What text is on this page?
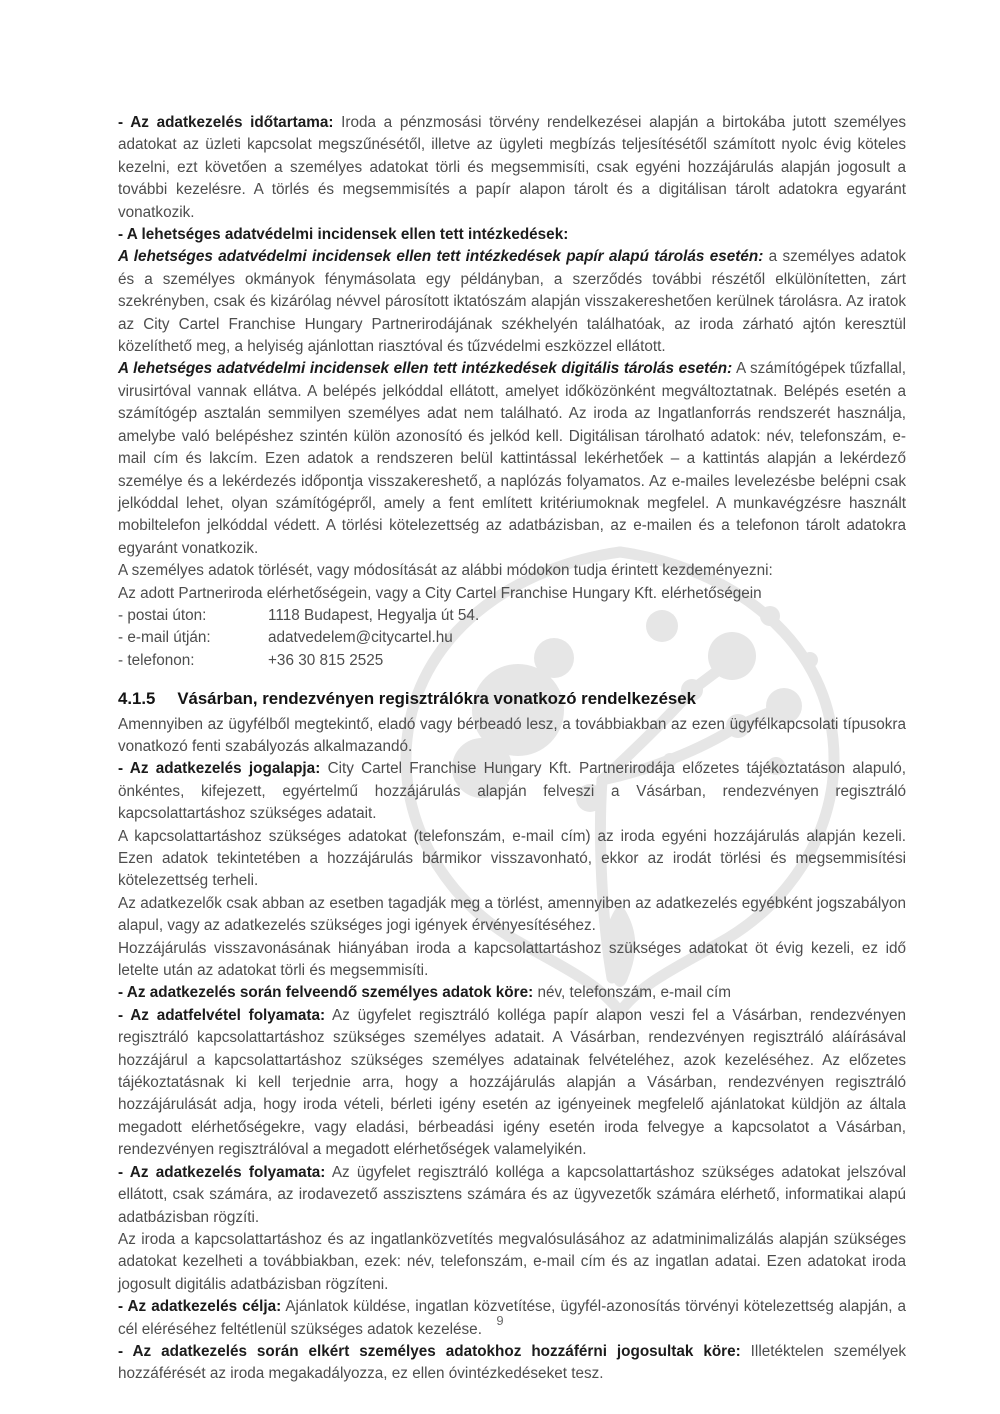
- Az adatkezelés időtartama: Iroda a pénzmosási törvény rendelkezései alapján a birtokába jutott személyes adatokat az üzleti kapcsolat megszűnésétől, illetve az ügyleti megbízás teljesítésétől számított nyolc évig köteles kezelni, ezt követően a személyes adatokat törli és megsemmisíti, csak egyéni hozzájárulás alapján jogosult a további kezelésre. A törlés és megsemmisítés a papír alapon tárolt és a digitálisan tárolt adatokra egyaránt vonatkozik.

- A lehetséges adatvédelmi incidensek ellen tett intézkedések:

A lehetséges adatvédelmi incidensek ellen tett intézkedések papír alapú tárolás esetén: a személyes adatok és a személyes okmányok fénymásolata egy példányban, a szerződés további részétől elkülönítetten, zárt szekrényben, csak és kizárólag névvel párosított iktatószám alapján visszakereshetően kerülnek tárolásra. Az iratok az City Cartel Franchise Hungary Partnerirodájának székhelyén találhatóak, az iroda zárható ajtón keresztül közelíthető meg, a helyiség ajánlottan riasztóval és tűzvédelmi eszközzel ellátott.

A lehetséges adatvédelmi incidensek ellen tett intézkedések digitális tárolás esetén: A számítógépek tűzfallal, virusirtóval vannak ellátva. A belépés jelkóddal ellátott, amelyet időközönként megváltoztatnak. Belépés esetén a számítógép asztalán semmilyen személyes adat nem található. Az iroda az Ingatlanforrás rendszerét használja, amelybe való belépéshez szintén külön azonosító és jelkód kell. Digitálisan tárolható adatok: név, telefonszám, e-mail cím és lakcím. Ezen adatok a rendszeren belül kattintással lekérhetőek – a kattintás alapján a lekérdező személye és a lekérdezés időpontja visszakereshető, a naplózás folyamatos. Az e-mailes levelezésbe belépni csak jelkóddal lehet, olyan számítógépről, amely a fent említett kritériumoknak megfelel. A munkavégzésre használt mobiltelefon jelkóddal védett. A törlési kötelezettség az adatbázisban, az e-mailen és a telefonon tárolt adatokra egyaránt vonatkozik.

A személyes adatok törlését, vagy módosítását az alábbi módokon tudja érintett kezdeményezni:

Az adott Partneriroda elérhetőségein, vagy a City Cartel Franchise Hungary Kft. elérhetőségein

- postai úton:	1118 Budapest, Hegyalja út 54.
- e-mail útján:	adatvedelem@citycartel.hu
- telefonon:	+36 30 815 2525
4.1.5 Vásárban, rendezvényen regisztrálókra vonatkozó rendelkezések

Amennyiben az ügyfélből megtekintő, eladó vagy bérbeadó lesz, a továbbiakban az ezen ügyfélkapcsolati típusokra vonatkozó fenti szabályozás alkalmazandó.

- Az adatkezelés jogalapja: City Cartel Franchise Hungary Kft. Partnerirodája előzetes tájékoztatáson alapuló, önkéntes, kifejezett, egyértelmű hozzájárulás alapján felveszi a Vásárban, rendezvényen regisztráló kapcsolattartáshoz szükséges adatait.

A kapcsolattartáshoz szükséges adatokat (telefonszám, e-mail cím) az iroda egyéni hozzájárulás alapján kezeli. Ezen adatok tekintetében a hozzájárulás bármikor visszavonható, ekkor az irodát törlési és megsemmisítési kötelezettség terheli.

Az adatkezelők csak abban az esetben tagadják meg a törlést, amennyiben az adatkezelés egyébként jogszabályon alapul, vagy az adatkezelés szükséges jogi igények érvényesítéséhez.

Hozzájárulás visszavonásának hiányában iroda a kapcsolattartáshoz szükséges adatokat öt évig kezeli, ez idő letelte után az adatokat törli és megsemmisíti.

- Az adatkezelés során felveendő személyes adatok köre: név, telefonszám, e-mail cím

- Az adatfelvétel folyamata: Az ügyfelet regisztráló kolléga papír alapon veszi fel a Vásárban, rendezvényen regisztráló kapcsolattartáshoz szükséges személyes adatait. A Vásárban, rendezvényen regisztráló aláírásával hozzájárul a kapcsolattartáshoz szükséges személyes adatainak felvételéhez, azok kezeléséhez. Az előzetes tájékoztatásnak ki kell terjednie arra, hogy a hozzájárulás alapján a Vásárban, rendezvényen regisztráló hozzájárulását adja, hogy iroda vételi, bérleti igény esetén az igényeinek megfelelő ajánlatokat küldjön az általa megadott elérhetőségekre, vagy eladási, bérbeadási igény esetén iroda felvegye a kapcsolatot a Vásárban, rendezvényen regisztrálóval a megadott elérhetőségek valamelyikén.

- Az adatkezelés folyamata: Az ügyfelet regisztráló kolléga a kapcsolattartáshoz szükséges adatokat jelszóval ellátott, csak számára, az irodavezető asszisztens számára és az ügyvezetők számára elérhető, informatikai alapú adatbázisban rögzíti.

Az iroda a kapcsolattartáshoz és az ingatlanközvetítés megvalósulásához az adatminimalizálás alapján szükséges adatokat kezelheti a továbbiakban, ezek: név, telefonszám, e-mail cím és az ingatlan adatai. Ezen adatokat iroda jogosult digitális adatbázisban rögzíteni.

- Az adatkezelés célja: Ajánlatok küldése, ingatlan közvetítése, ügyfél-azonosítás törvényi kötelezettség alapján, a cél eléréséhez feltétlenül szükséges adatok kezelése.

- Az adatkezelés során elkért személyes adatokhoz hozzáférni jogosultak köre: Illetéktelen személyek hozzáférését az iroda megakadályozza, ez ellen óvintézkedéseket tesz.

9
